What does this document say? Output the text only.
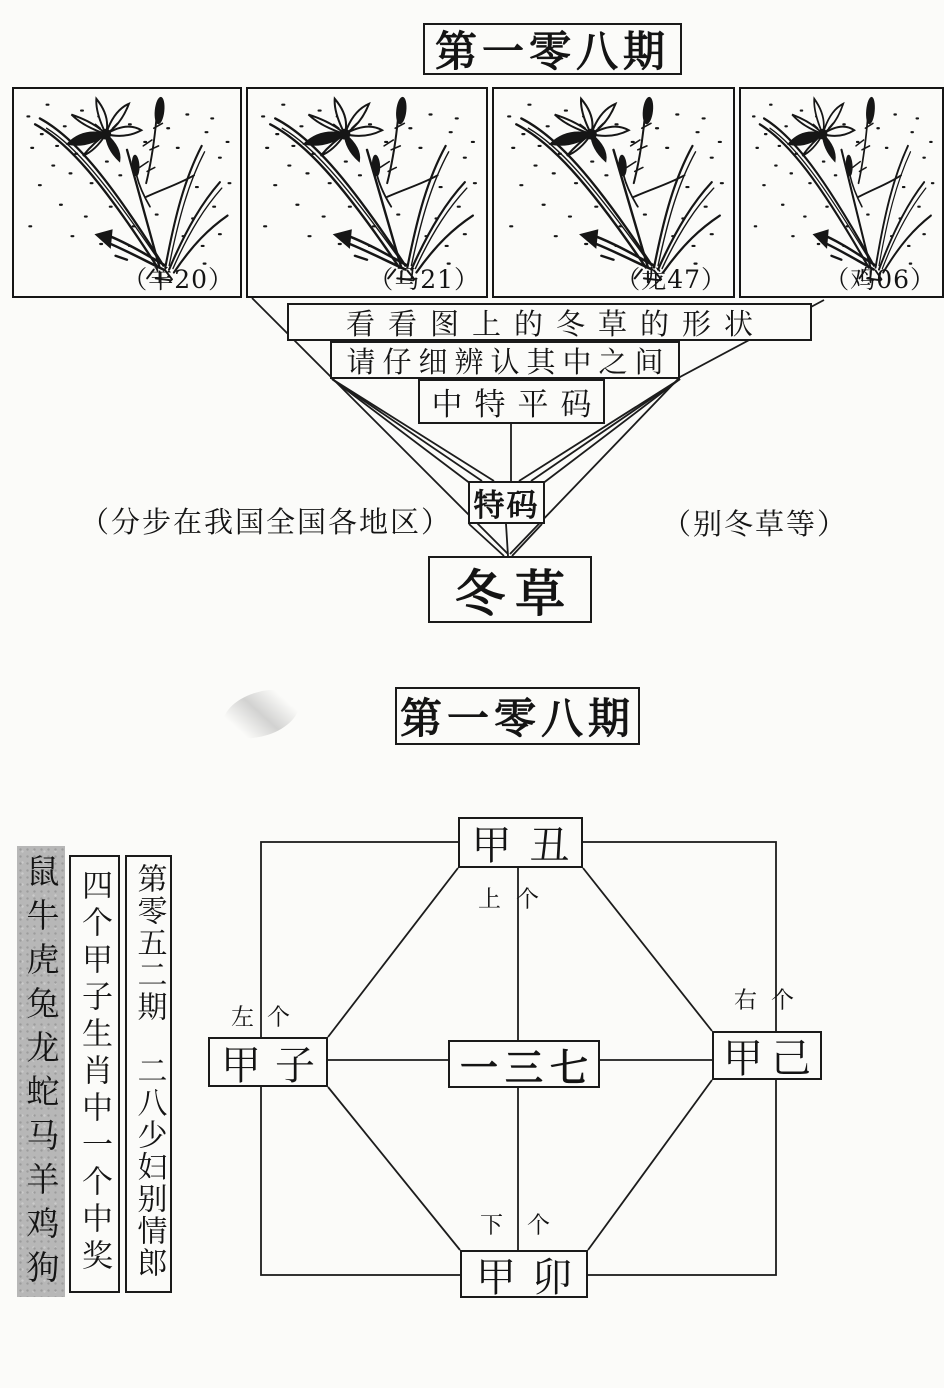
第一零八期
（羊20）	（马21）	（龙47）	（鸡06）
看看图上的冬草的形状
请仔细辨认其中之间
中特平码
特码
冬草
（分步在我国全国各地区）	（别冬草等）
第一零八期
鼠牛虎兔龙蛇马羊鸡狗 四个甲子生肖中一个中奖 第零五二期　二八少妇别情郎
甲丑
甲子	甲己
甲卯
一三七
上个
左个
右个
下个
